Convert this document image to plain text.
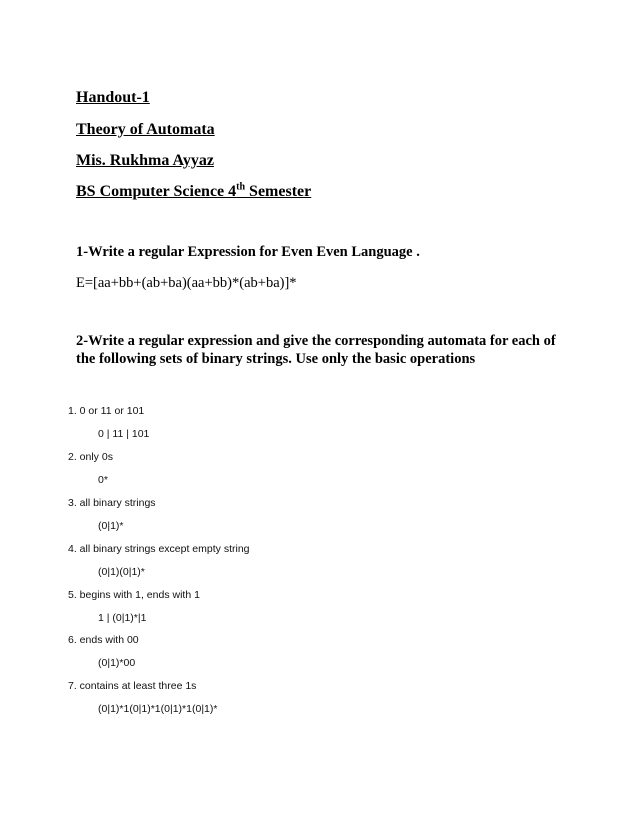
Handout-1
Theory of Automata
Mis. Rukhma Ayyaz
BS Computer Science 4th Semester
1-Write a regular Expression for Even Even Language .
E=[aa+bb+(ab+ba)(aa+bb)*(ab+ba)]*
2-Write a regular expression and give the corresponding automata for each of
the following sets of binary strings. Use only the basic operations
1. 0 or 11 or 101
0 | 11 | 101
2. only 0s
0*
3. all binary strings
(0|1)*
4. all binary strings except empty string
(0|1)(0|1)*
5. begins with 1, ends with 1
1 | (0|1)*|1
6. ends with 00
(0|1)*00
7. contains at least three 1s
(0|1)*1(0|1)*1(0|1)*1(0|1)*
